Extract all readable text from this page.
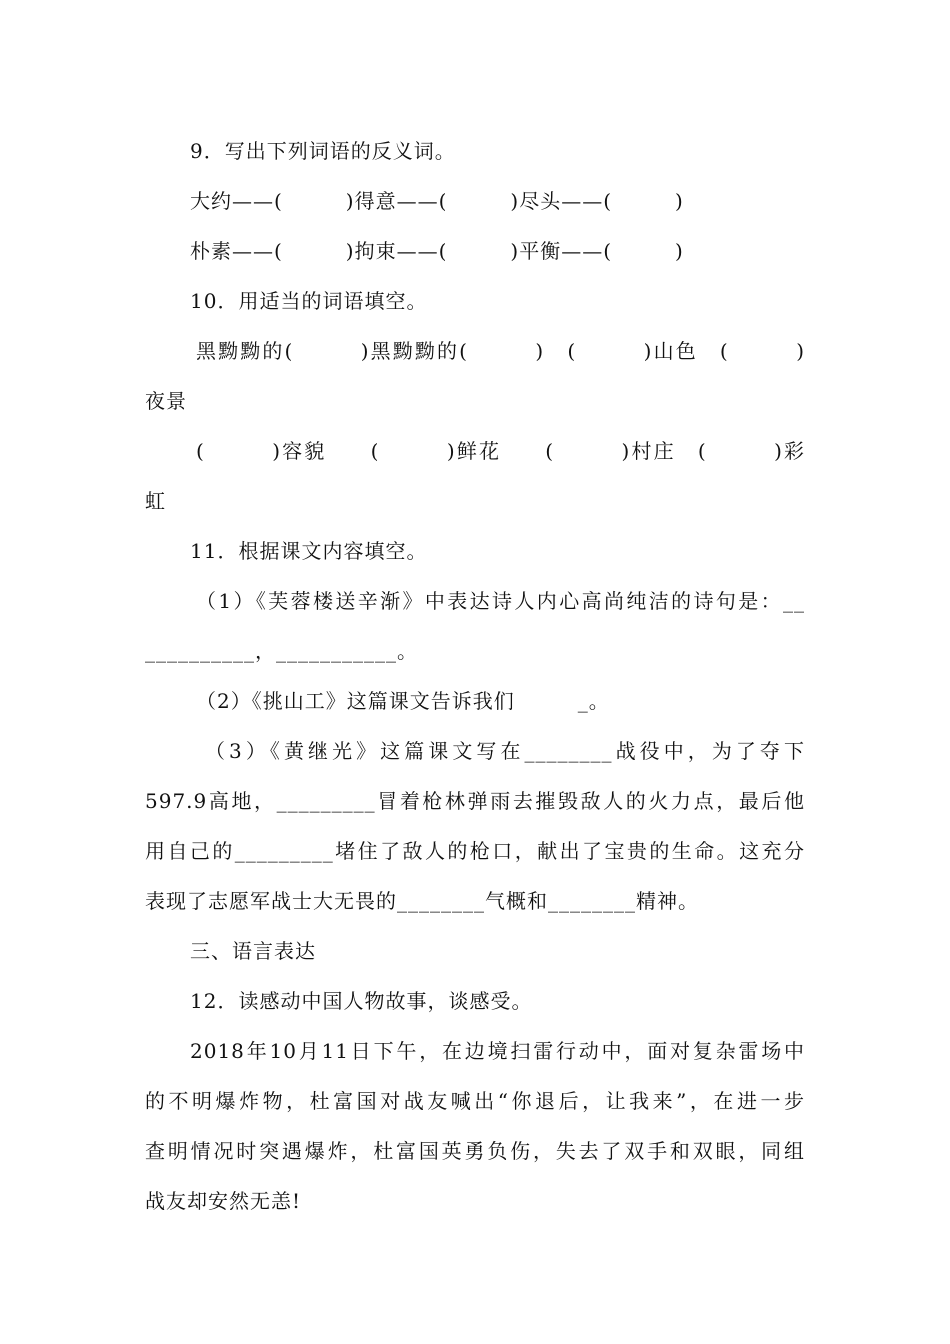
9．写出下列词语的反义词。
大约——(　　　)得意——(　　　)尽头——(　　　)
朴素——(　　　)拘束——(　　　)平衡——(　　　)
10．用适当的词语填空。
黑黝黝的(　　　)黑黝黝的(　　　)　(　　　)山色　(　　　)
夜景
(　　　)容貌　　(　　　)鲜花　　(　　　)村庄　(　　　)彩
虹
11．根据课文内容填空。
（1）《芙蓉楼送辛渐》中表达诗人内心高尚纯洁的诗句是：__
__________，___________。
（2）《挑山工》这篇课文告诉我们　　　_。
（3）《黄继光》这篇课文写在________战役中，为了夺下
597.9高地，_________冒着枪林弹雨去摧毁敌人的火力点，最后他
用自己的_________堵住了敌人的枪口，献出了宝贵的生命。这充分
表现了志愿军战士大无畏的________气概和________精神。
三、语言表达
12．读感动中国人物故事，谈感受。
2018年10月11日下午，在边境扫雷行动中，面对复杂雷场中
的不明爆炸物，杜富国对战友喊出“你退后，让我来”，在进一步
查明情况时突遇爆炸，杜富国英勇负伤，失去了双手和双眼，同组
战友却安然无恙!
